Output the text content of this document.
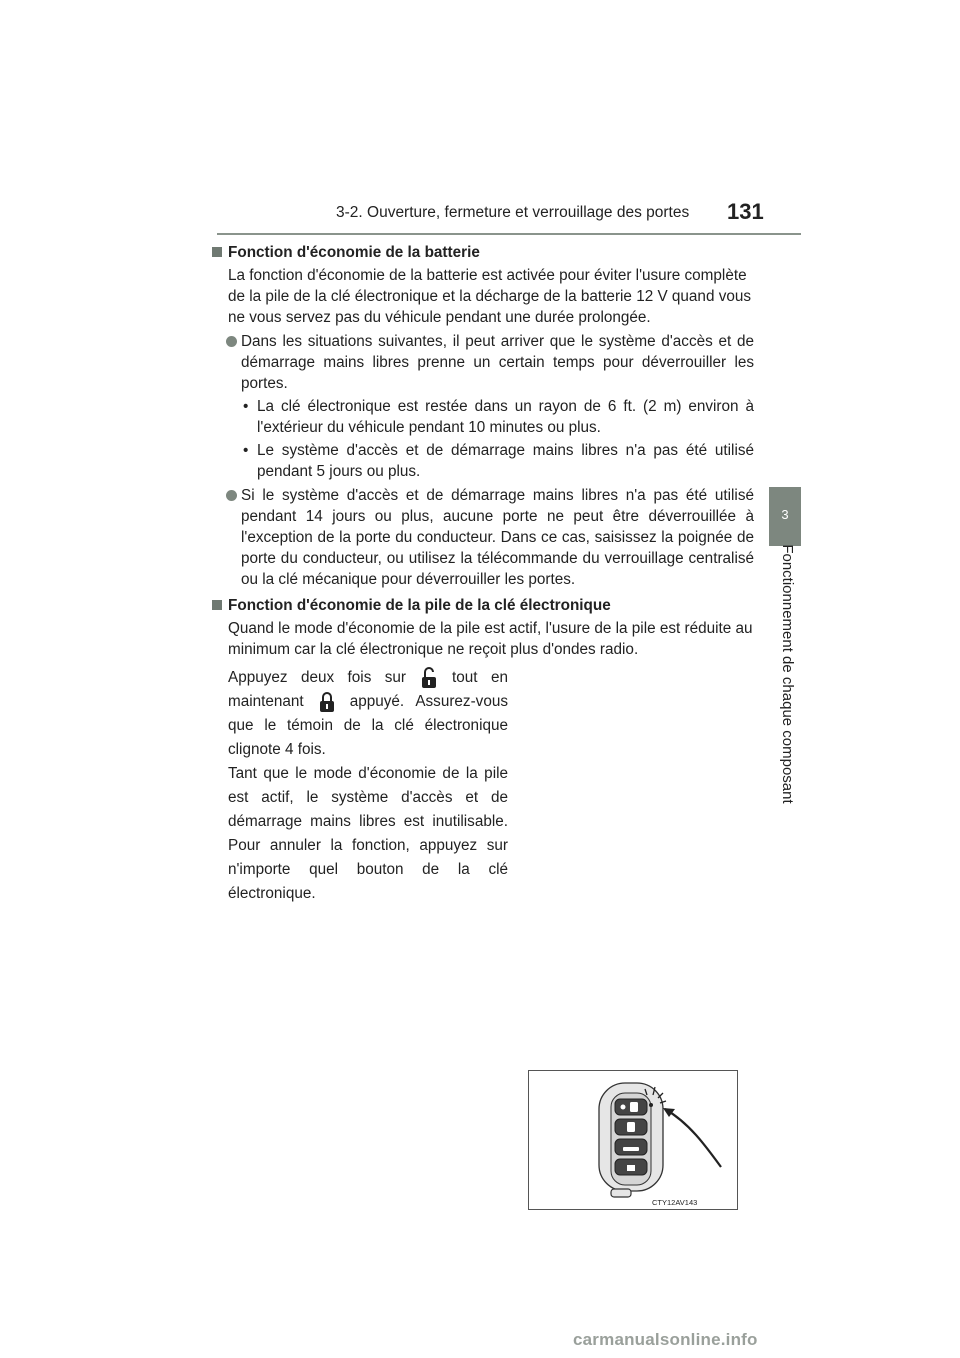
3-2. Ouverture, fermeture et verrouillage des portes 131
3
Fonctionnement de chaque composant
Fonction d'économie de la batterie
La fonction d'économie de la batterie est activée pour éviter l'usure complète de la pile de la clé électronique et la décharge de la batterie 12 V quand vous ne vous servez pas du véhicule pendant une durée prolongée.
Dans les situations suivantes, il peut arriver que le système d'accès et de démarrage mains libres prenne un certain temps pour déverrouiller les portes.
• La clé électronique est restée dans un rayon de 6 ft. (2 m) environ à l'extérieur du véhicule pendant 10 minutes ou plus.
• Le système d'accès et de démarrage mains libres n'a pas été utilisé pendant 5 jours ou plus.
Si le système d'accès et de démarrage mains libres n'a pas été utilisé pendant 14 jours ou plus, aucune porte ne peut être déverrouillée à l'exception de la porte du conducteur. Dans ce cas, saisissez la poignée de porte du conducteur, ou utilisez la télécommande du verrouillage centralisé ou la clé mécanique pour déverrouiller les portes.
Fonction d'économie de la pile de la clé électronique
Quand le mode d'économie de la pile est actif, l'usure de la pile est réduite au minimum car la clé électronique ne reçoit plus d'ondes radio.
Appuyez deux fois sur	tout en maintenant	appuyé. Assurez-vous que le témoin de la clé électronique clignote 4 fois.
Tant que le mode d'économie de la pile est actif, le système d'accès et de démarrage mains libres est inutilisable. Pour annuler la fonction, appuyez sur n'importe quel bouton de la clé électronique.
CTY12AV143
carmanualsonline.info
